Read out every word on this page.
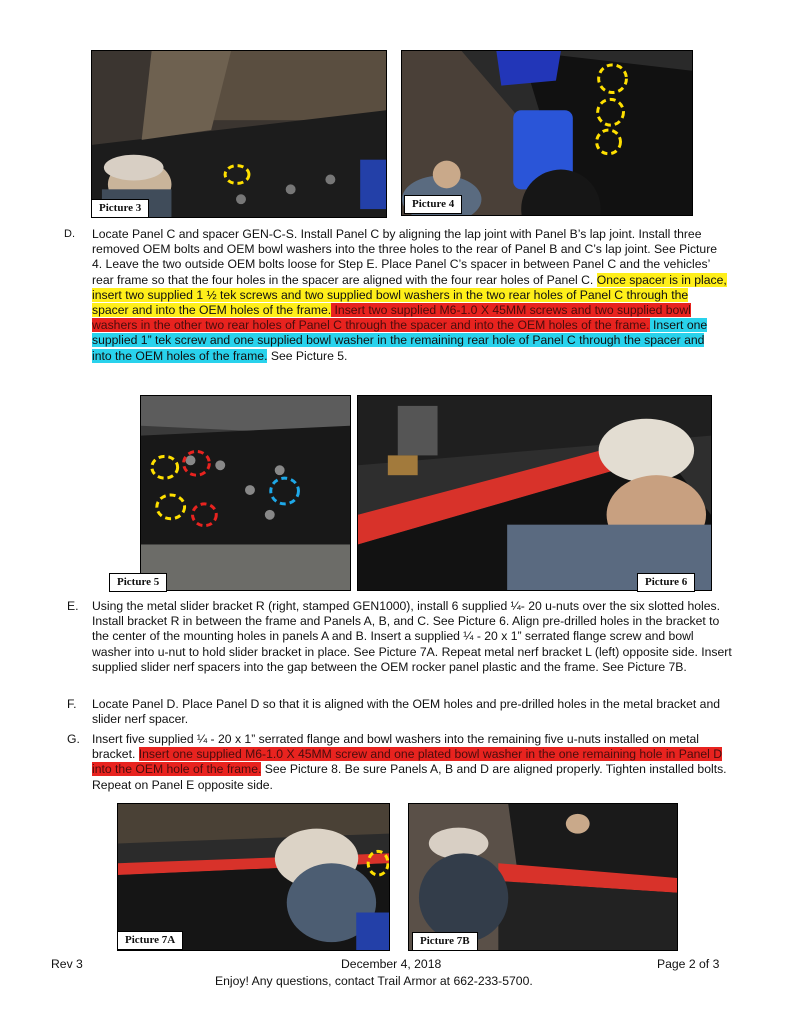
Picture 3	Picture 4
D. Locate Panel C and spacer GEN-C-S. Install Panel C by aligning the lap joint with Panel B’s lap joint. Install three removed OEM bolts and OEM bowl washers into the three holes to the rear of Panel B and C’s lap joint. See Picture 4. Leave the two outside OEM bolts loose for Step E. Place Panel C’s spacer in between Panel C and the vehicles’ rear frame so that the four holes in the spacer are aligned with the four rear holes of Panel C. Once spacer is in place, insert two supplied 1 ½ tek screws and two supplied bowl washers in the two rear holes of Panel C through the spacer and into the OEM holes of the frame. Insert two supplied M6-1.0 X 45MM screws and two supplied bowl washers in the other two rear holes of Panel C through the spacer and into the OEM holes of the frame. Insert one supplied 1” tek screw and one supplied bowl washer in the remaining rear hole of Panel C through the spacer and into the OEM holes of the frame. See Picture 5.

Picture 5	Picture 6
E. Using the metal slider bracket R (right, stamped GEN1000), install 6 supplied ¼- 20 u-nuts over the six slotted holes. Install bracket R in between the frame and Panels A, B, and C. See Picture 6. Align pre-drilled holes in the bracket to the center of the mounting holes in panels A and B. Insert a supplied ¼ - 20 x 1” serrated flange screw and bowl washer into u-nut to hold slider bracket in place. See Picture 7A. Repeat metal nerf bracket L (left) opposite side. Insert supplied slider nerf spacers into the gap between the OEM rocker panel plastic and the frame. See Picture 7B.

F. Locate Panel D. Place Panel D so that it is aligned with the OEM holes and pre-drilled holes in the metal bracket and slider nerf spacer.

G. Insert five supplied ¼ - 20 x 1” serrated flange and bowl washers into the remaining five u-nuts installed on metal bracket. Insert one supplied M6-1.0 X 45MM screw and one plated bowl washer in the one remaining hole in Panel D into the OEM hole of the frame. See Picture 8. Be sure Panels A, B and D are aligned properly. Tighten installed bolts. Repeat on Panel E opposite side.

Picture 7A	Picture 7B
Rev 3	December 4, 2018	Page 2 of 3
Enjoy! Any questions, contact Trail Armor at 662-233-5700.
